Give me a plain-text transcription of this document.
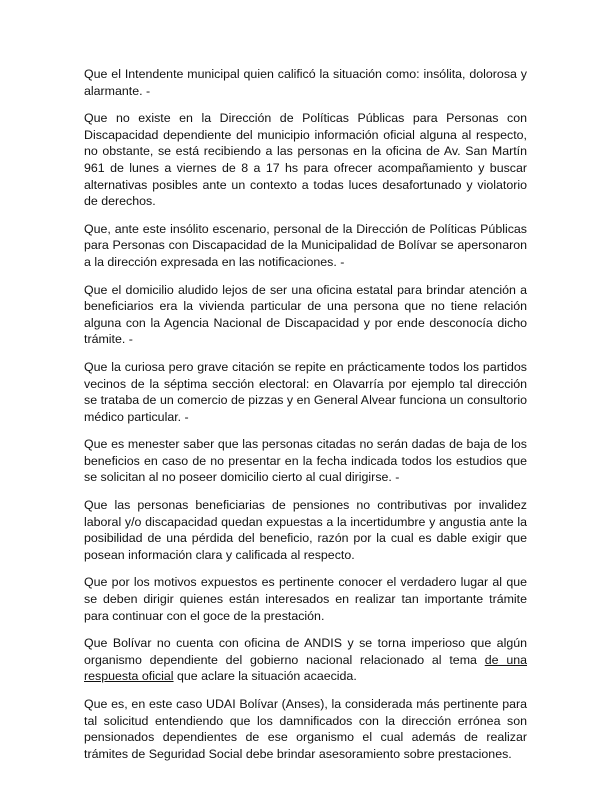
Que el Intendente municipal quien calificó la situación como: insólita, dolorosa y alarmante. -

Que no existe en la Dirección de Políticas Públicas para Personas con Discapacidad dependiente del municipio información oficial alguna al respecto, no obstante, se está recibiendo a las personas en la oficina de Av. San Martín 961 de lunes a viernes de 8 a 17 hs para ofrecer acompañamiento y buscar alternativas posibles ante un contexto a todas luces desafortunado y violatorio de derechos.

Que, ante este insólito escenario, personal de la Dirección de Políticas Públicas para Personas con Discapacidad de la Municipalidad de Bolívar se apersonaron a la dirección expresada en las notificaciones. -

Que el domicilio aludido lejos de ser una oficina estatal para brindar atención a beneficiarios era la vivienda particular de una persona que no tiene relación alguna con la Agencia Nacional de Discapacidad y por ende desconocía dicho trámite. -

Que la curiosa pero grave citación se repite en prácticamente todos los partidos vecinos de la séptima sección electoral: en Olavarría por ejemplo tal dirección se trataba de un comercio de pizzas y en General Alvear funciona un consultorio médico particular. -

Que es menester saber que las personas citadas no serán dadas de baja de los beneficios en caso de no presentar en la fecha indicada todos los estudios que se solicitan al no poseer domicilio cierto al cual dirigirse. -

Que las personas beneficiarias de pensiones no contributivas por invalidez laboral y/o discapacidad quedan expuestas a la incertidumbre y angustia ante la posibilidad de una pérdida del beneficio, razón por la cual es dable exigir que posean información clara y calificada al respecto.

Que por los motivos expuestos es pertinente conocer el verdadero lugar al que se deben dirigir quienes están interesados en realizar tan importante trámite para continuar con el goce de la prestación.

Que Bolívar no cuenta con oficina de ANDIS y se torna imperioso que algún organismo dependiente del gobierno nacional relacionado al tema de una respuesta oficial que aclare la situación acaecida.

Que es, en este caso UDAI Bolívar (Anses), la considerada más pertinente para tal solicitud entendiendo que los damnificados con la dirección errónea son pensionados dependientes de ese organismo el cual además de realizar trámites de Seguridad Social debe brindar asesoramiento sobre prestaciones.
